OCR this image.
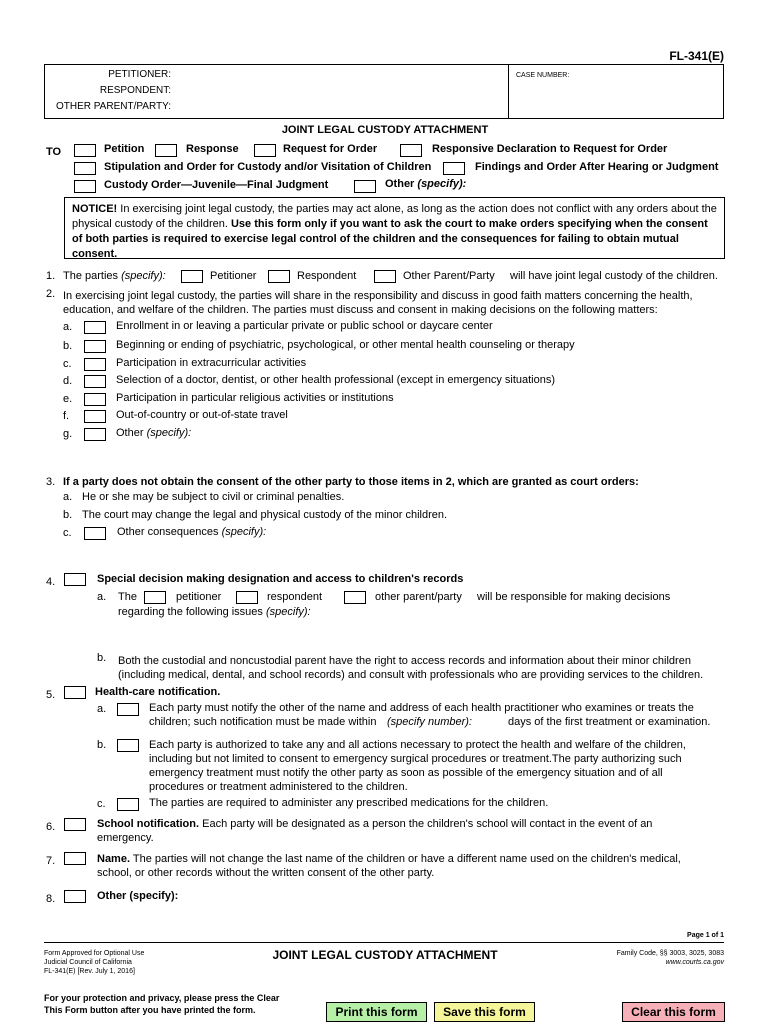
FL-341(E)
PETITIONER:
RESPONDENT:
OTHER PARENT/PARTY:
CASE NUMBER:
JOINT LEGAL CUSTODY ATTACHMENT
TO	Petition	Response	Request for Order	Responsive Declaration to Request for Order
Stipulation and Order for Custody and/or Visitation of Children	Findings and Order After Hearing or Judgment
Custody Order—Juvenile—Final Judgment	Other (specify):
NOTICE! In exercising joint legal custody, the parties may act alone, as long as the action does not conflict with any orders about the physical custody of the children. Use this form only if you want to ask the court to make orders specifying when the consent of both parties is required to exercise legal control of the children and the consequences for failing to obtain mutual consent.
1. The parties (specify):	Petitioner	Respondent	Other Parent/Party will have joint legal custody of the children.
2. In exercising joint legal custody, the parties will share in the responsibility and discuss in good faith matters concerning the health, education, and welfare of the children. The parties must discuss and consent in making decisions on the following matters:
a.	Enrollment in or leaving a particular private or public school or daycare center
b.	Beginning or ending of psychiatric, psychological, or other mental health counseling or therapy
c.	Participation in extracurricular activities
d.	Selection of a doctor, dentist, or other health professional (except in emergency situations)
e.	Participation in particular religious activities or institutions
f.	Out-of-country or out-of-state travel
g.	Other (specify):
3. If a party does not obtain the consent of the other party to those items in 2, which are granted as court orders:
a. He or she may be subject to civil or criminal penalties.
b. The court may change the legal and physical custody of the minor children.
c.	Other consequences (specify):
4.	Special decision making designation and access to children's records
a. The	petitioner	respondent	other parent/party will be responsible for making decisions
regarding the following issues (specify):
b. Both the custodial and noncustodial parent have the right to access records and information about their minor children (including medical, dental, and school records) and consult with professionals who are providing services to the children.
5.	Health-care notification.
a.	Each party must notify the other of the name and address of each health practitioner who examines or treats the
children; such notification must be made within (specify number):	days of the first treatment or examination.
b.	Each party is authorized to take any and all actions necessary to protect the health and welfare of the children, including but not limited to consent to emergency surgical procedures or treatment.The party authorizing such emergency treatment must notify the other party as soon as possible of the emergency situation and of all procedures or treatment administered to the children.
c.	The parties are required to administer any prescribed medications for the children.
6.	School notification. Each party will be designated as a person the children's school will contact in the event of an emergency.
7.	Name. The parties will not change the last name of the children or have a different name used on the children's medical, school, or other records without the written consent of the other party.
8.	Other (specify):
Page 1 of 1
Form Approved for Optional Use
Judicial Council of California
FL-341(E) [Rev. July 1, 2016]
JOINT LEGAL CUSTODY ATTACHMENT	Family Code, §§ 3003, 3025, 3083
www.courts.ca.gov
For your protection and privacy, please press the Clear
This Form button after you have printed the form.	Print this form	Save this form	Clear this form
